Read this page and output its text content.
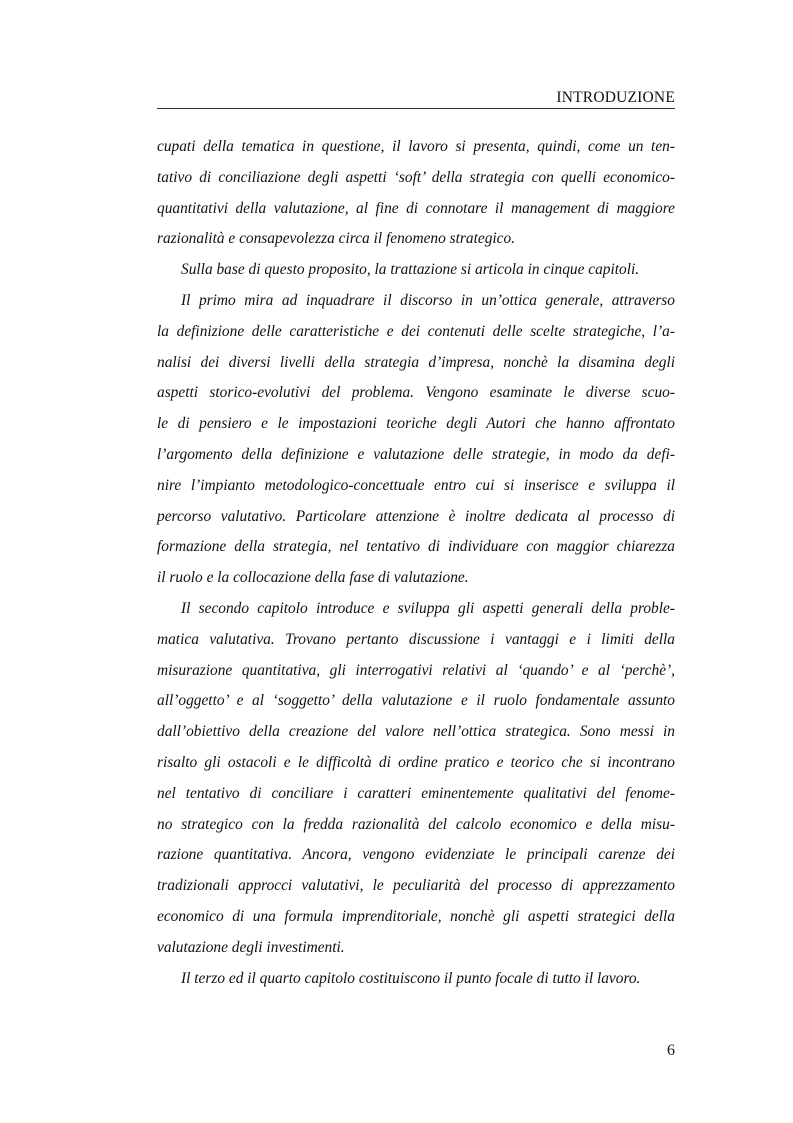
INTRODUZIONE
cupati della tematica in questione, il lavoro si presenta, quindi, come un ten-
tativo di conciliazione degli aspetti ‘soft’ della strategia con quelli economico-
quantitativi della valutazione, al fine di connotare il management di maggiore
razionalità e consapevolezza circa il fenomeno strategico.
Sulla base di questo proposito, la trattazione si articola in cinque capitoli.
Il primo mira ad inquadrare il discorso in un’ottica generale, attraverso
la definizione delle caratteristiche e dei contenuti delle scelte strategiche, l’a-
nalisi dei diversi livelli della strategia d’impresa, nonchè la disamina degli
aspetti storico-evolutivi del problema. Vengono esaminate le diverse scuo-
le di pensiero e le impostazioni teoriche degli Autori che hanno affrontato
l’argomento della definizione e valutazione delle strategie, in modo da defi-
nire l’impianto metodologico-concettuale entro cui si inserisce e sviluppa il
percorso valutativo. Particolare attenzione è inoltre dedicata al processo di
formazione della strategia, nel tentativo di individuare con maggior chiarezza
il ruolo e la collocazione della fase di valutazione.
Il secondo capitolo introduce e sviluppa gli aspetti generali della proble-
matica valutativa. Trovano pertanto discussione i vantaggi e i limiti della
misurazione quantitativa, gli interrogativi relativi al ‘quando’ e al ‘perchè’,
all’oggetto’ e al ‘soggetto’ della valutazione e il ruolo fondamentale assunto
dall’obiettivo della creazione del valore nell’ottica strategica. Sono messi in
risalto gli ostacoli e le difficoltà di ordine pratico e teorico che si incontrano
nel tentativo di conciliare i caratteri eminentemente qualitativi del fenome-
no strategico con la fredda razionalità del calcolo economico e della misu-
razione quantitativa. Ancora, vengono evidenziate le principali carenze dei
tradizionali approcci valutativi, le peculiarità del processo di apprezzamento
economico di una formula imprenditoriale, nonchè gli aspetti strategici della
valutazione degli investimenti.
Il terzo ed il quarto capitolo costituiscono il punto focale di tutto il lavoro.
6
